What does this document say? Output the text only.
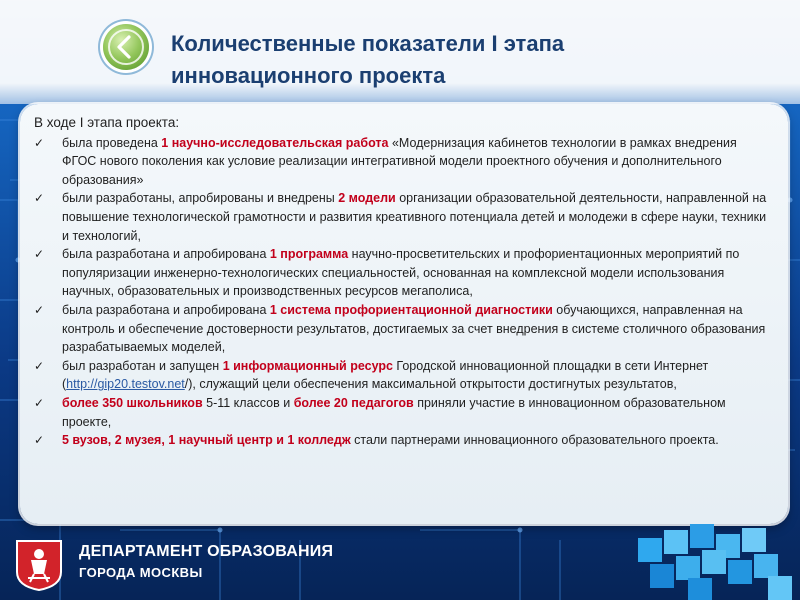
Количественные показатели I этапа
инновационного проекта
В ходе I этапа проекта:
✓ была проведена 1 научно-исследовательская работа «Модернизация кабинетов технологии в рамках внедрения ФГОС нового поколения как условие реализации интегративной модели проектного обучения и дополнительного образования»
✓ были разработаны, апробированы и внедрены 2 модели организации образовательной деятельности, направленной на повышение технологической грамотности и развития креативного потенциала детей и молодежи в сфере науки, техники и технологий,
✓ была разработана и апробирована 1 программа научно-просветительских и профориентационных мероприятий по популяризации инженерно-технологических специальностей, основанная на комплексной модели использования научных, образовательных и производственных ресурсов мегаполиса,
✓ была разработана и апробирована 1 система профориентационной диагностики обучающихся, направленная на контроль и обеспечение достоверности результатов, достигаемых за счет внедрения в системе столичного образования разрабатываемых моделей,
✓ был разработан и запущен 1 информационный ресурс Городской инновационной площадки в сети Интернет (http://gip20.testov.net/), служащий цели обеспечения максимальной открытости достигнутых результатов,
✓ более 350 школьников 5-11 классов и более 20 педагогов приняли участие в инновационном образовательном проекте,
✓ 5 вузов, 2 музея, 1 научный центр и 1 колледж стали партнерами инновационного образовательного проекта.
ДЕПАРТАМЕНТ ОБРАЗОВАНИЯ
ГОРОДА МОСКВЫ
